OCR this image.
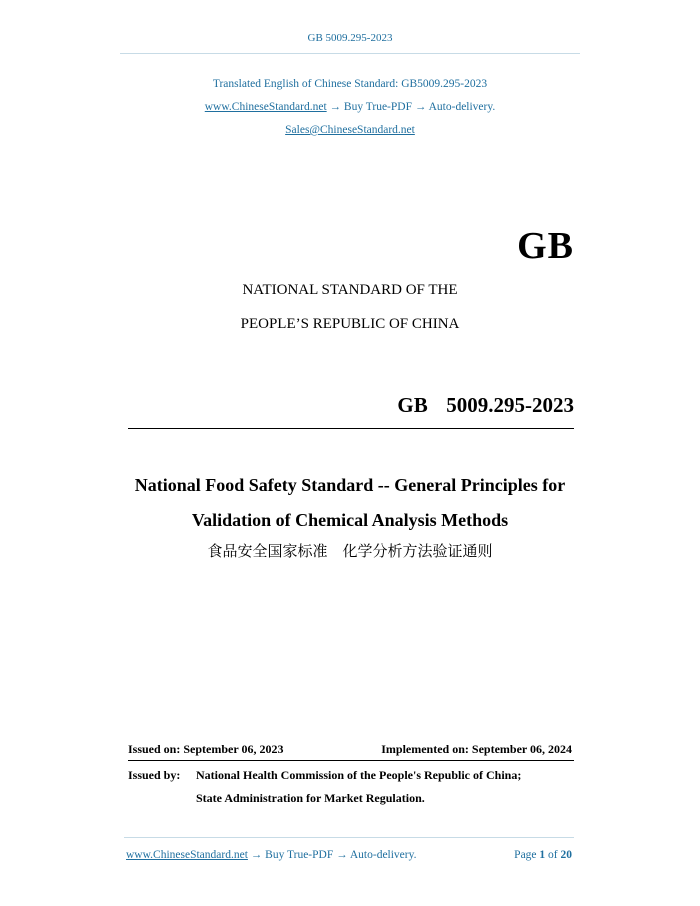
GB 5009.295-2023
Translated English of Chinese Standard: GB5009.295-2023
www.ChineseStandard.net → Buy True-PDF → Auto-delivery.
Sales@ChineseStandard.net
GB
NATIONAL STANDARD OF THE
PEOPLE’S REPUBLIC OF CHINA
GB  5009.295-2023
National Food Safety Standard -- General Principles for
Validation of Chemical Analysis Methods
食品安全国家标准　化学分析方法验证通则
Issued on: September 06, 2023	Implemented on: September 06, 2024
Issued by: National Health Commission of the People's Republic of China;
State Administration for Market Regulation.
www.ChineseStandard.net → Buy True-PDF → Auto-delivery.	Page 1 of 20
